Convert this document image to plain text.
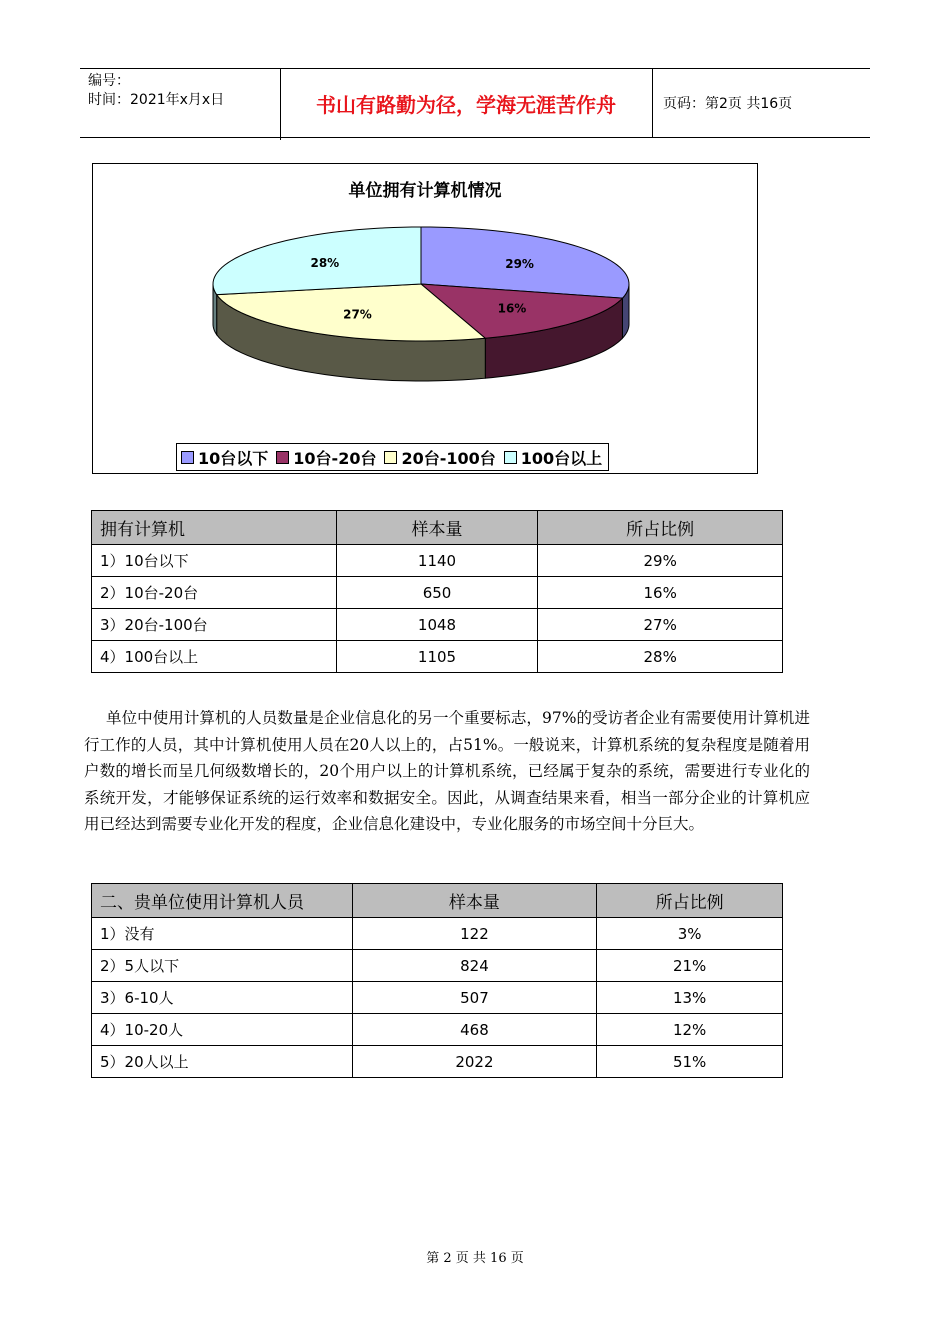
编号：
时间：2021年x月x日	书山有路勤为径，学海无涯苦作舟	页码：第2页 共16页
单位拥有计算机情况
29%
16%
27%
28%
10台以下 10台-20台 20台-100台 100台以上
拥有计算机	样本量	所占比例
1）10台以下	1140	29%
2）10台-20台	650	16%
3）20台-100台	1048	27%
4）100台以上	1105	28%
单位中使用计算机的人员数量是企业信息化的另一个重要标志，97%的受访者企业有需要使用计算机进行工作的人员，其中计算机使用人员在20人以上的，占51%。一般说来，计算机系统的复杂程度是随着用户数的增长而呈几何级数增长的，20个用户以上的计算机系统，已经属于复杂的系统，需要进行专业化的系统开发，才能够保证系统的运行效率和数据安全。因此，从调查结果来看，相当一部分企业的计算机应用已经达到需要专业化开发的程度，企业信息化建设中，专业化服务的市场空间十分巨大。
二、贵单位使用计算机人员	样本量	所占比例
1）没有	122	3%
2）5人以下	824	21%
3）6-10人	507	13%
4）10-20人	468	12%
5）20人以上	2022	51%
第 2 页 共 16 页
